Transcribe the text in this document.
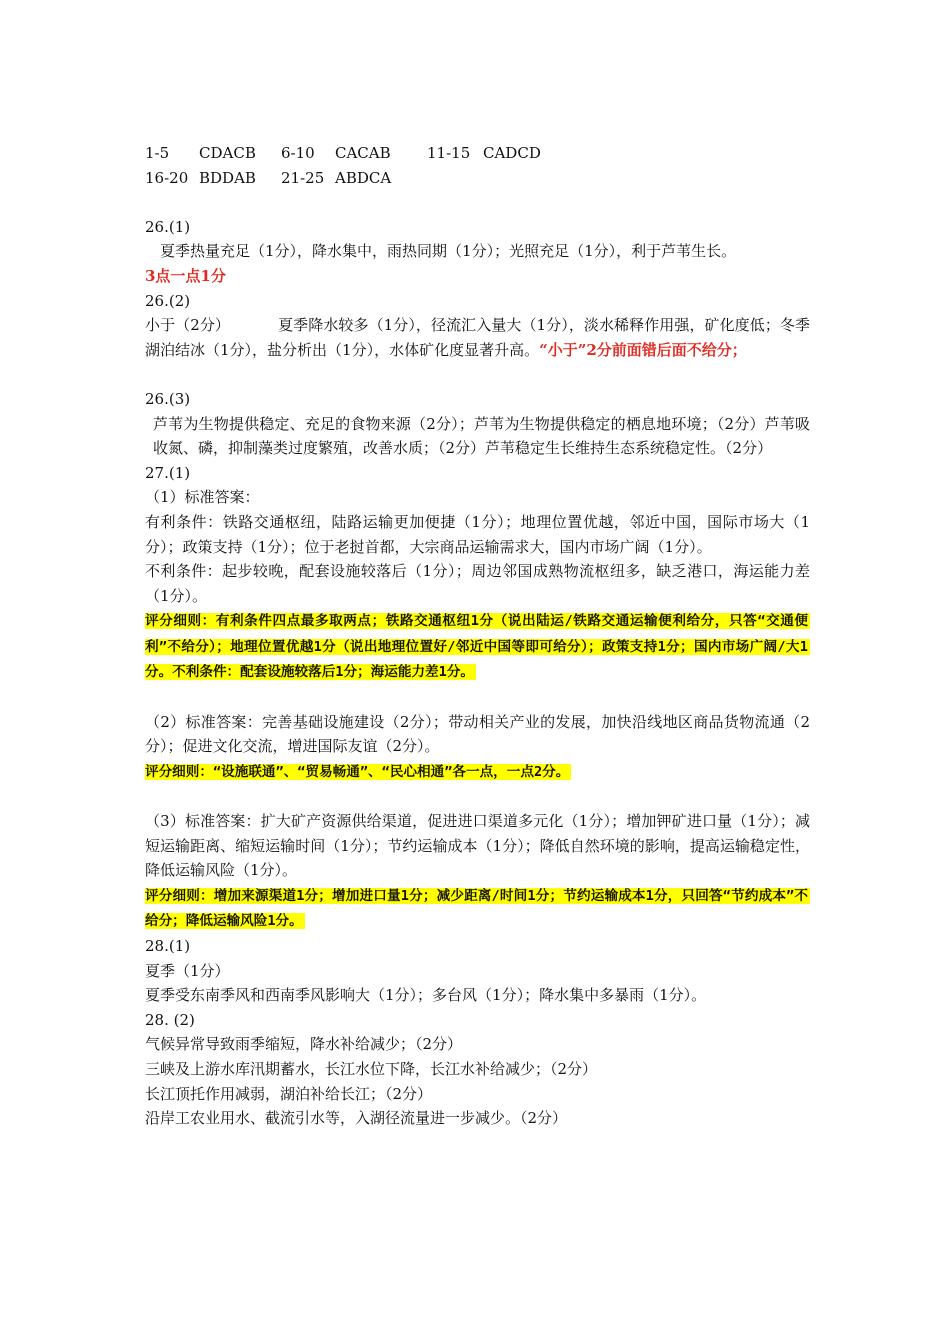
1-5 CDACB 6-10 CACAB 11-15 CADCD
16-20 BDDAB 21-25 ABDCA
26.(1)
夏季热量充足（1分），降水集中，雨热同期（1分）；光照充足（1分），利于芦苇生长。
3点一点1分
26.(2)
小于（2分）	夏季降水较多（1分），径流汇入量大（1分），淡水稀释作用强，矿化度低；冬季湖泊结冰（1分），盐分析出（1分），水体矿化度显著升高。“小于”2分前面错后面不给分；
26.(3)
芦苇为生物提供稳定、充足的食物来源（2分）；芦苇为生物提供稳定的栖息地环境；（2分）芦苇吸收氮、磷，抑制藻类过度繁殖，改善水质；（2分）芦苇稳定生长维持生态系统稳定性。（2分）
27.(1)
（1）标准答案：
有利条件：铁路交通枢纽，陆路运输更加便捷（1分）；地理位置优越，邻近中国，国际市场大（1分）；政策支持（1分）；位于老挝首都，大宗商品运输需求大，国内市场广阔（1分）。
不利条件：起步较晚，配套设施较落后（1分）；周边邻国成熟物流枢纽多，缺乏港口，海运能力差（1分）。
评分细则：有利条件四点最多取两点；铁路交通枢纽1分（说出陆运/铁路交通运输便利给分，只答“交通便利”不给分）；地理位置优越1分（说出地理位置好/邻近中国等即可给分）；政策支持1分；国内市场广阔/大1分。不利条件：配套设施较落后1分；海运能力差1分。
（2）标准答案：完善基础设施建设（2分）；带动相关产业的发展，加快沿线地区商品货物流通（2分）；促进文化交流，增进国际友谊（2分）。
评分细则：“设施联通”、“贸易畅通”、“民心相通”各一点，一点2分。
（3）标准答案：扩大矿产资源供给渠道，促进进口渠道多元化（1分）；增加钾矿进口量（1分）；减短运输距离、缩短运输时间（1分）；节约运输成本（1分）；降低自然环境的影响，提高运输稳定性，降低运输风险（1分）。
评分细则：增加来源渠道1分；增加进口量1分；减少距离/时间1分；节约运输成本1分，只回答“节约成本”不给分；降低运输风险1分。
28.(1)
夏季（1分）
夏季受东南季风和西南季风影响大（1分）；多台风（1分）；降水集中多暴雨（1分）。
28. (2)
气候异常导致雨季缩短，降水补给减少；（2分）
三峡及上游水库汛期蓄水，长江水位下降，长江水补给减少；（2分）
长江顶托作用减弱，湖泊补给长江；（2分）
沿岸工农业用水、截流引水等，入湖径流量进一步减少。（2分）
